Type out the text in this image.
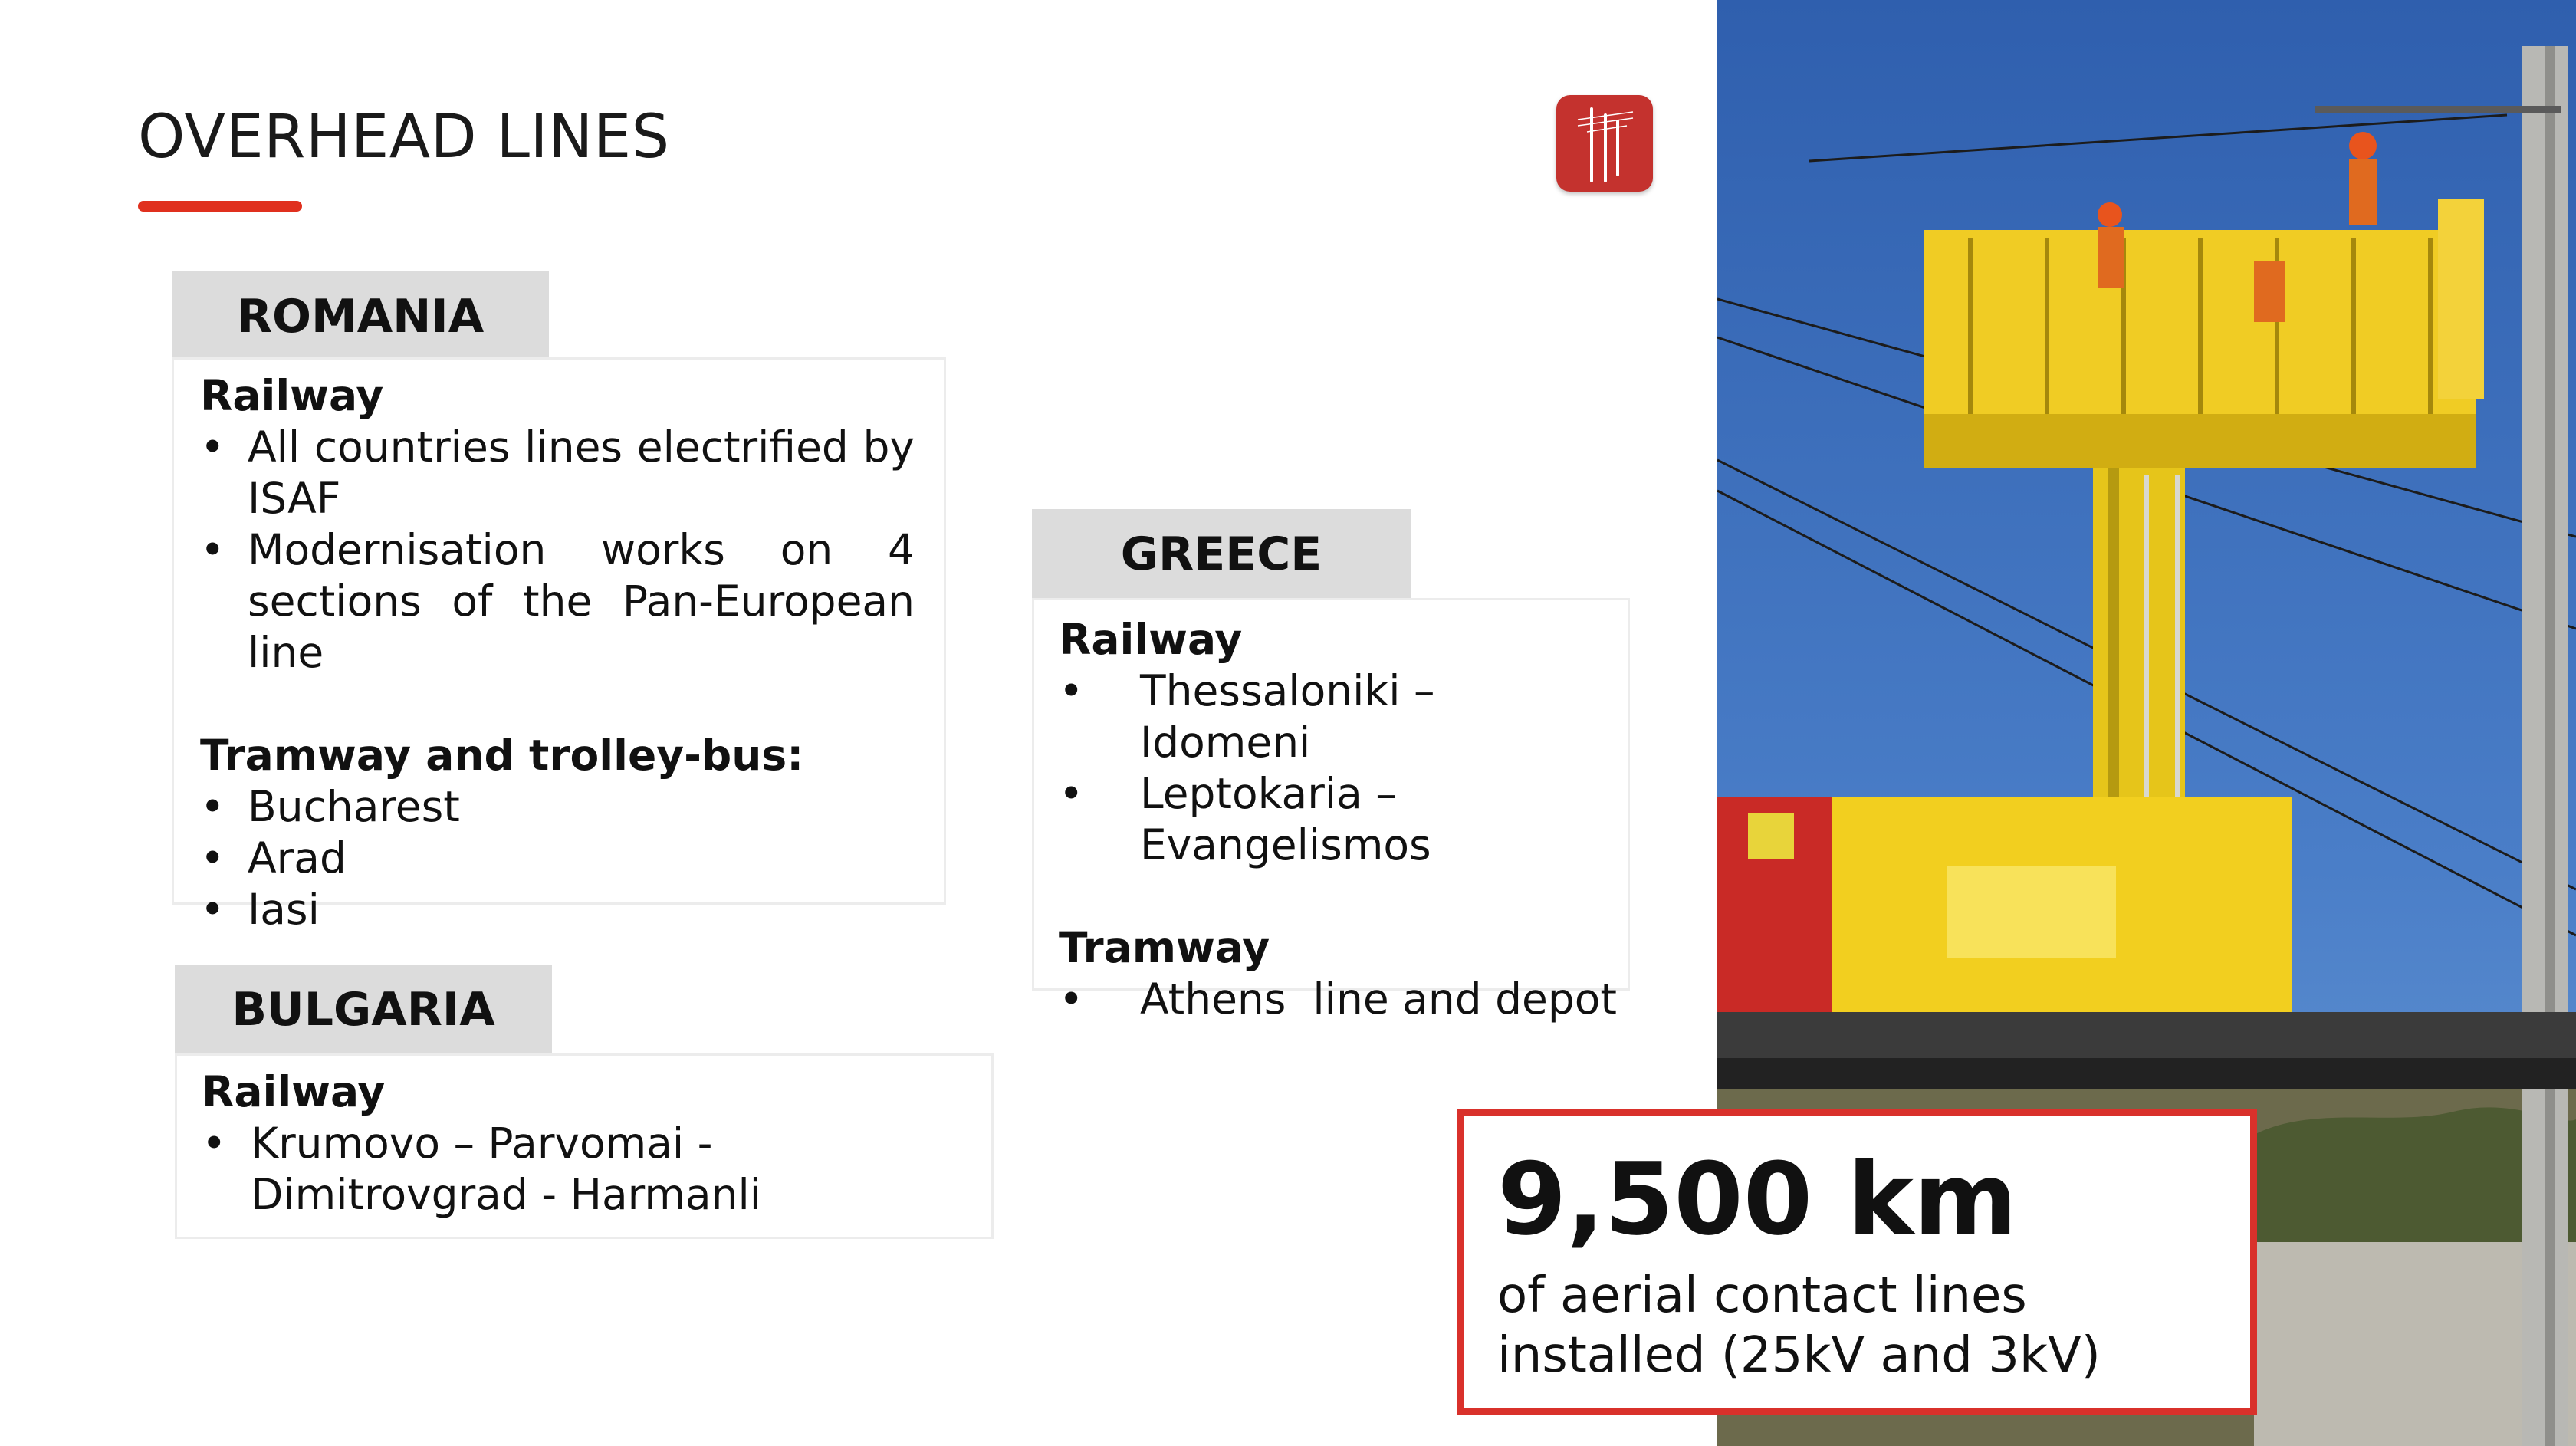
OVERHEAD LINES
ROMANIA
Railway
• All countries lines electrified by ISAF
• Modernisation works on 4 sections of the Pan-European line
Tramway and trolley-bus:
• Bucharest
• Arad
• Iasi
BULGARIA
Railway
• Krumovo – Parvomai - Dimitrovgrad - Harmanli
GREECE
Railway
• Thessaloniki – Idomeni
• Leptokaria – Evangelismos
Tramway
• Athens  line and depot
9,500 km
of aerial contact lines installed (25kV and 3kV)
